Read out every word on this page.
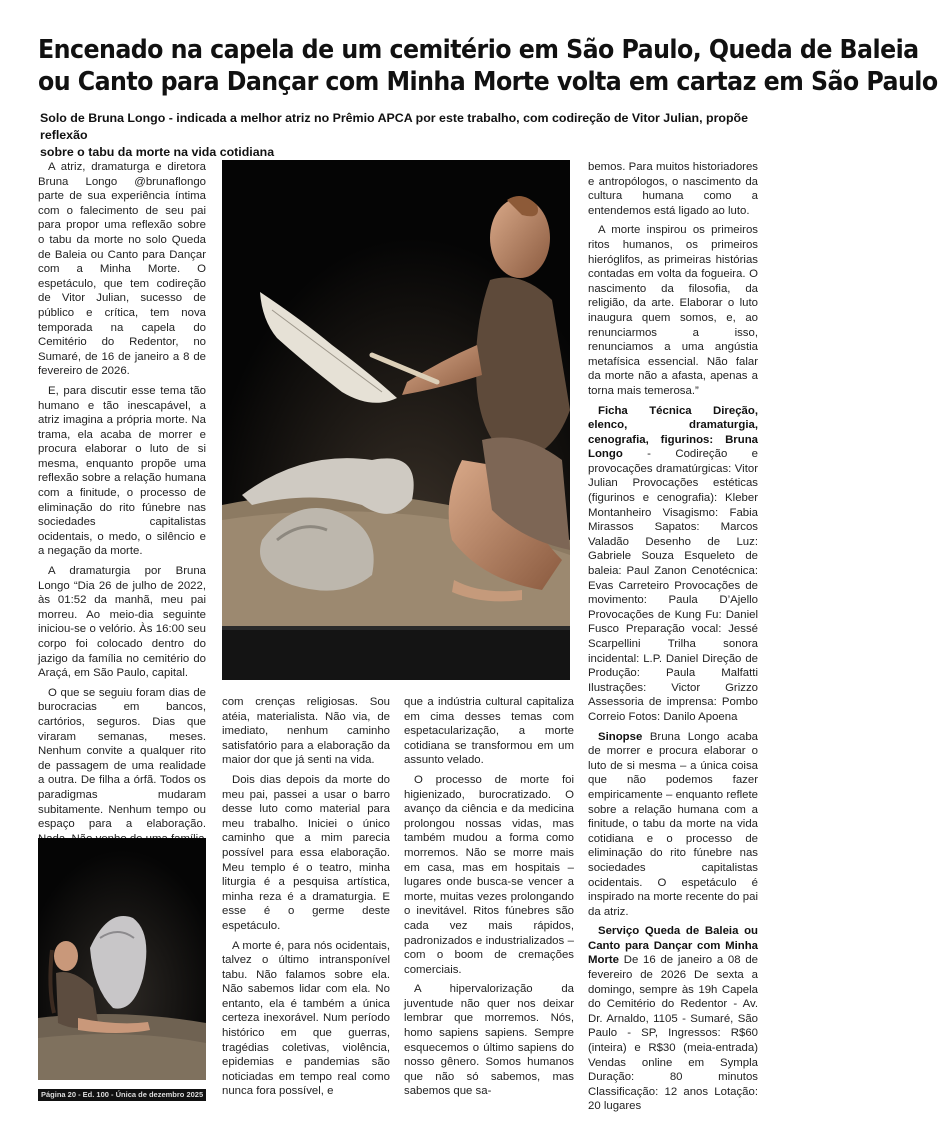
Encenado na capela de um cemitério em São Paulo, Queda de Baleia
ou Canto para Dançar com Minha Morte volta em cartaz em São Paulo
Solo de Bruna Longo - indicada a melhor atriz no Prêmio APCA por este trabalho, com codireção de Vitor Julian, propõe reflexão
sobre o tabu da morte na vida cotidiana

A atriz, dramaturga e diretora Bruna Longo @brunaflongo parte de sua experiência íntima com o falecimento de seu pai para propor uma reflexão sobre o tabu da morte no solo Queda de Baleia ou Canto para Dançar com a Minha Morte. O espetáculo, que tem codireção de Vitor Julian, sucesso de público e crítica, tem nova temporada na capela do Cemitério do Redentor, no Sumaré, de 16 de janeiro a 8 de fevereiro de 2026.

E, para discutir esse tema tão humano e tão inescapável, a atriz imagina a própria morte. Na trama, ela acaba de morrer e procura elaborar o luto de si mesma, enquanto propõe uma reflexão sobre a relação humana com a finitude, o processo de eliminação do rito fúnebre nas sociedades capitalistas ocidentais, o medo, o silêncio e a negação da morte.

A dramaturgia por Bruna Longo “Dia 26 de julho de 2022, às 01:52 da manhã, meu pai morreu. Ao meio-dia seguinte iniciou-se o velório. Às 16:00 seu corpo foi colocado dentro do jazigo da família no cemitério do Araçá, em São Paulo, capital.

O que se seguiu foram dias de burocracias em bancos, cartórios, seguros. Dias que viraram semanas, meses. Nenhum convite a qualquer rito de passagem de uma realidade a outra. De filha a órfã. Todos os paradigmas mudaram subitamente. Nenhum tempo ou espaço para a elaboração.

com crenças religiosas. Sou atéia, materialista. Não via, de imediato, nenhum caminho satisfatório para a elaboração da maior dor que já senti na vida.

Dois dias depois da morte do meu pai, passei a usar o barro desse luto como material para meu trabalho. Iniciei o único caminho que a mim parecia possível para essa elaboração. Meu templo é o teatro, minha liturgia é a pesquisa artística, minha reza é a dramaturgia. E esse é o germe deste espetáculo.

A morte é, para nós ocidentais, talvez o último intransponível tabu. Não falamos sobre ela. Não sabemos lidar com ela. No entanto, ela é também a única certeza inexorável. Num período histórico em que guerras, tragédias coletivas, violência, epidemias e pandemias são noticiadas em tempo real como nunca fora possível, e

que a indústria cultural capitaliza em cima desses temas com espetacularização, a morte cotidiana se transformou em um assunto velado.

O processo de morte foi higienizado, burocratizado. O avanço da ciência e da medicina prolongou nossas vidas, mas também mudou a forma como morremos. Não se morre mais em casa, mas em hospitais – lugares onde busca-se vencer a morte, muitas vezes prolongando o inevitável. Ritos fúnebres são cada vez mais rápidos, padronizados e industrializados – com o boom de cremações comerciais.

A hipervalorização da juventude não quer nos deixar lembrar que morremos. Nós, homo sapiens sapiens. Sempre esquecemos o último sapiens do nosso gênero. Somos humanos que não só sabemos, mas sabemos que sa-

bemos. Para muitos historiadores e antropólogos, o nascimento da cultura humana como a entendemos está ligado ao luto.

A morte inspirou os primeiros ritos humanos, os primeiros hieróglifos, as primeiras histórias contadas em volta da fogueira. O nascimento da filosofia, da religião, da arte. Elaborar o luto inaugura quem somos, e, ao renunciarmos a isso, renunciamos a uma angústia metafísica essencial. Não falar da morte não a afasta, apenas a torna mais temerosa.”

Ficha Técnica Direção, elenco, dramaturgia, cenografia, figurinos: Bruna Longo - Codireção e provocações dramatúrgicas: Vitor Julian Provocações estéticas (figurinos e cenografia): Kleber Montanheiro Visagismo: Fabia Mirassos Sapatos: Marcos Valadão Desenho de Luz: Gabriele Souza Esqueleto de baleia: Paul Zanon Cenotécnica: Evas Carreteiro Provocações de movimento: Paula D’Ajello Provocações de Kung Fu: Daniel Fusco Preparação vocal: Jessé Scarpellini Trilha sonora incidental: L.P. Daniel Direção de Produção: Paula Malfatti Ilustrações: Victor Grizzo Assessoria de imprensa: Pombo Correio Fotos: Danilo Apoena

Sinopse Bruna Longo acaba de morrer e procura elaborar o luto de si mesma – a única coisa que não podemos fazer empiricamente – enquanto reflete sobre a relação humana com a finitude, o tabu da morte na vida cotidiana e o processo de eliminação do rito fúnebre nas sociedades capitalistas ocidentais. O espetáculo é inspirado na morte recente do pai da atriz.

Serviço Queda de Baleia ou Canto para Dançar com Minha Morte De 16 de janeiro a 08 de fevereiro de 2026 De sexta a domingo, sempre às 19h Capela do Cemitério do Redentor - Av. Dr. Arnaldo, 1105 - Sumaré, São Paulo - SP, Ingressos: R$60 (inteira) e R$30 (meia-entrada) Vendas online em Sympla Duração: 80 minutos Classificação: 12 anos Lotação: 20 lugares

Página 20 - Ed. 100 - Única de dezembro 2025
